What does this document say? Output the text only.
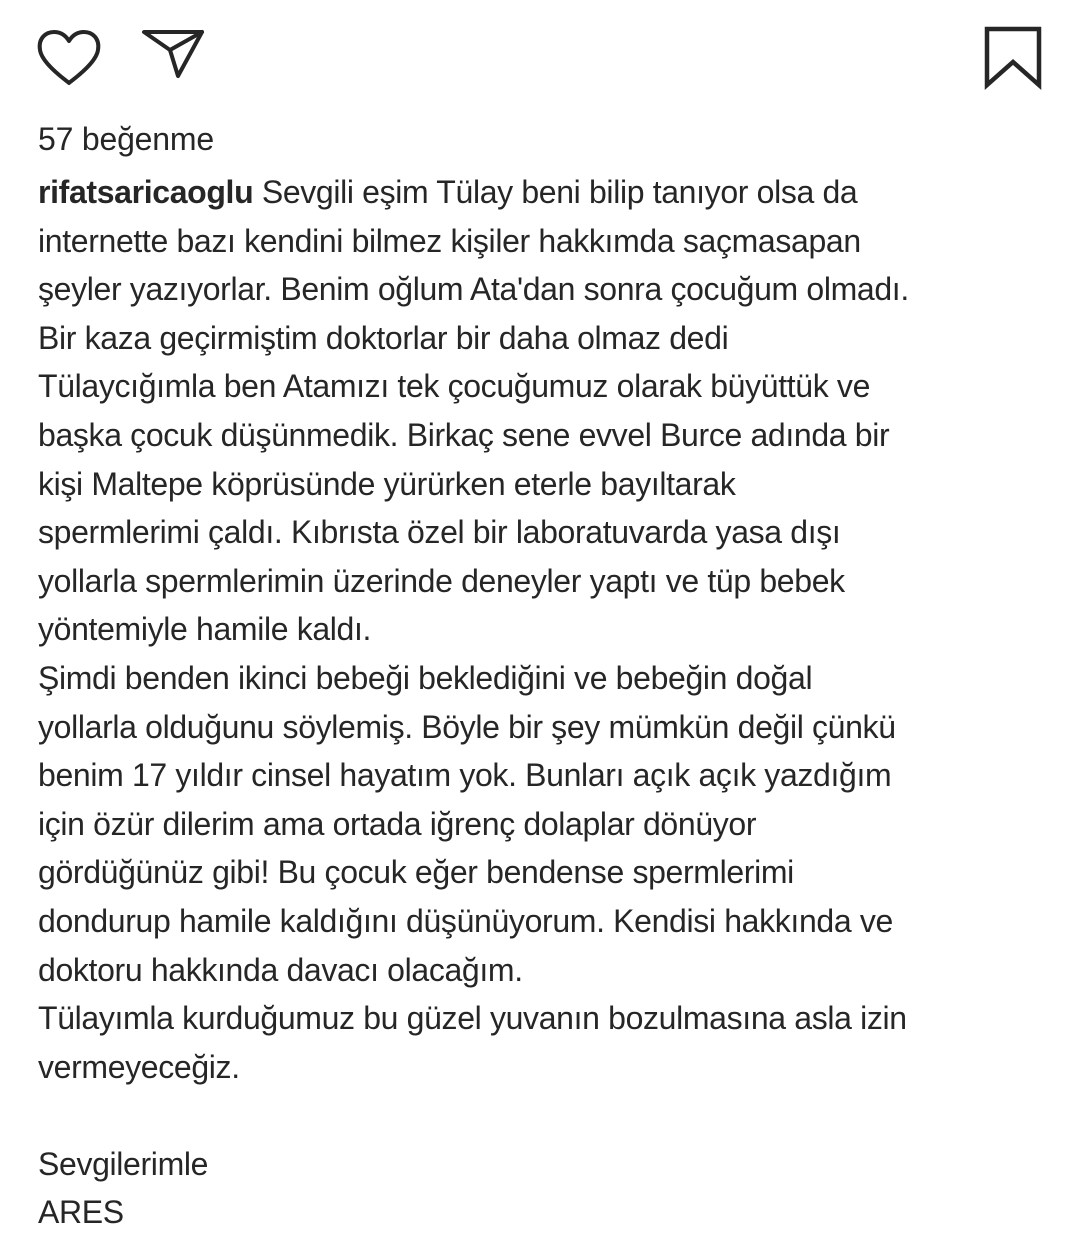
57 beğenme
rifatsaricaoglu Sevgili eşim Tülay beni bilip tanıyor olsa da
internette bazı kendini bilmez kişiler hakkımda saçmasapan
şeyler yazıyorlar. Benim oğlum Ata'dan sonra çocuğum olmadı.
Bir kaza geçirmiştim doktorlar bir daha olmaz dedi
Tülaycığımla ben Atamızı tek çocuğumuz olarak büyüttük ve
başka çocuk düşünmedik. Birkaç sene evvel Burce adında bir
kişi Maltepe köprüsünde yürürken eterle bayıltarak
spermlerimi çaldı. Kıbrısta özel bir laboratuvarda yasa dışı
yollarla spermlerimin üzerinde deneyler yaptı ve tüp bebek
yöntemiyle hamile kaldı.
Şimdi benden ikinci bebeği beklediğini ve bebeğin doğal
yollarla olduğunu söylemiş. Böyle bir şey mümkün değil çünkü
benim 17 yıldır cinsel hayatım yok. Bunları açık açık yazdığım
için özür dilerim ama ortada iğrenç dolaplar dönüyor
gördüğünüz gibi! Bu çocuk eğer bendense spermlerimi
dondurup hamile kaldığını düşünüyorum. Kendisi hakkında ve
doktoru hakkında davacı olacağım.
Tülayımla kurduğumuz bu güzel yuvanın bozulmasına asla izin
vermeyeceğiz.
Sevgilerimle
ARES
